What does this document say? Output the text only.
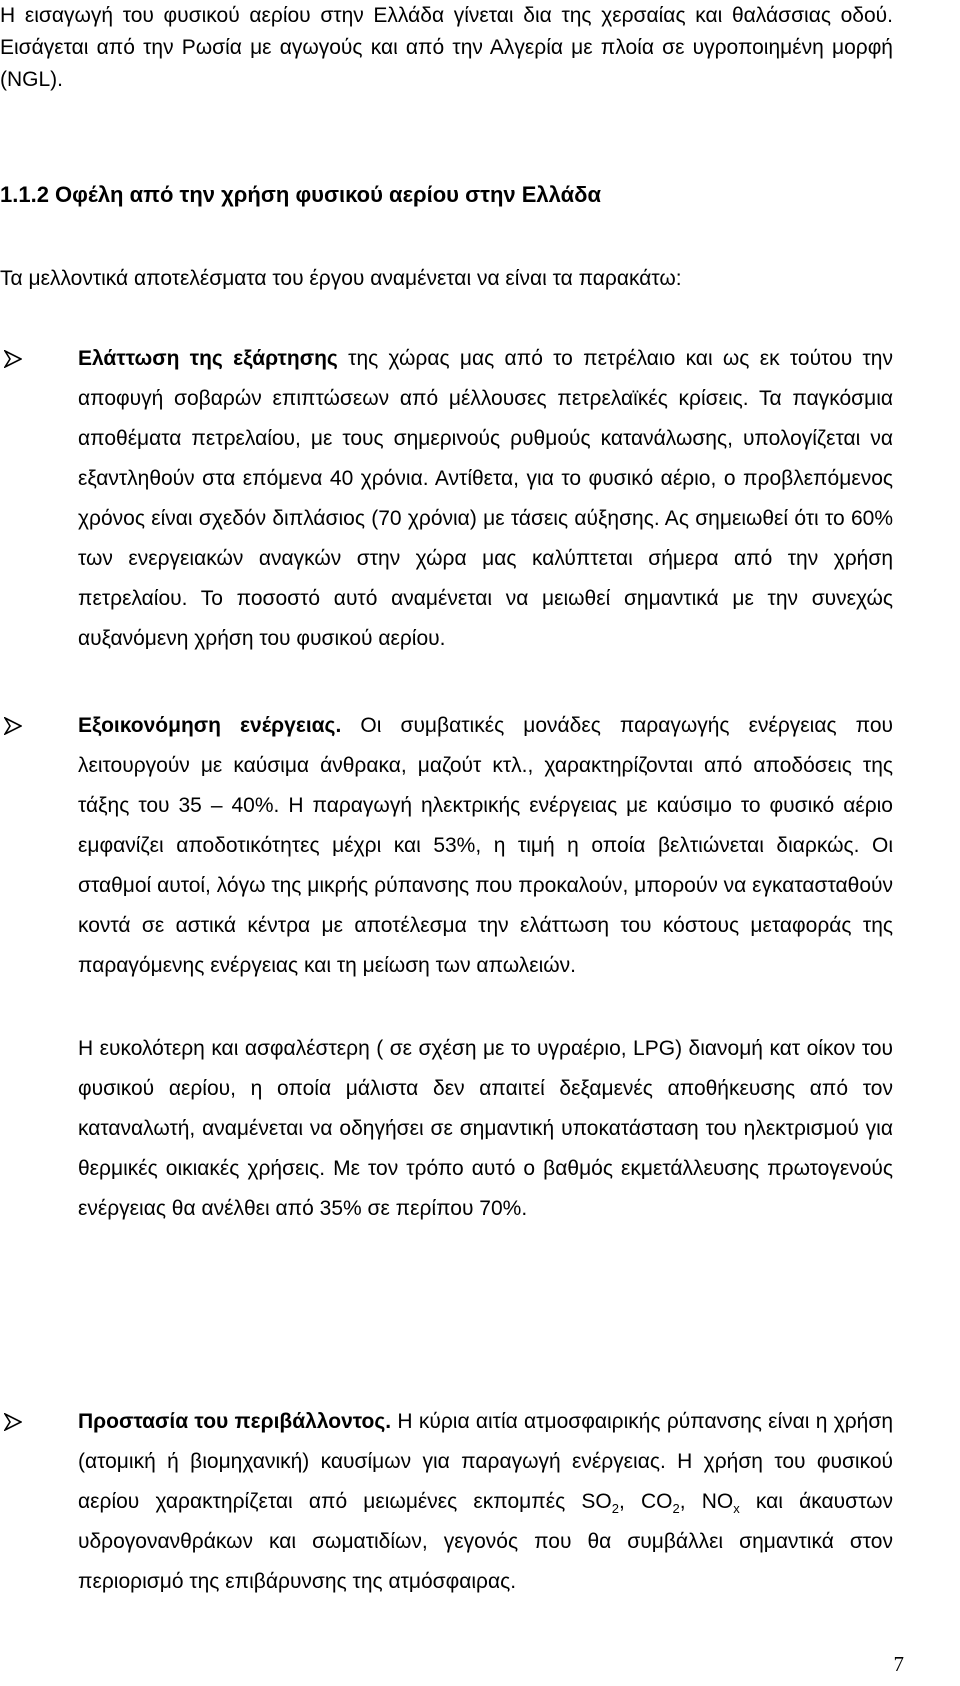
Η εισαγωγή του φυσικού αερίου στην Ελλάδα γίνεται δια της χερσαίας και θαλάσσιας οδού. Εισάγεται από την Ρωσία με αγωγούς και από την Αλγερία με πλοία σε υγροποιημένη μορφή (NGL).

1.1.2 Οφέλη από την χρήση φυσικού αερίου στην Ελλάδα

Τα μελλοντικά αποτελέσματα του έργου αναμένεται να είναι τα παρακάτω:

Ελάττωση της εξάρτησης της χώρας μας από το πετρέλαιο και ως εκ τούτου την αποφυγή σοβαρών επιπτώσεων από μέλλουσες πετρελαϊκές κρίσεις. Τα παγκόσμια αποθέματα πετρελαίου, με τους σημερινούς ρυθμούς κατανάλωσης, υπολογίζεται να εξαντληθούν στα επόμενα 40 χρόνια. Αντίθετα, για το φυσικό αέριο, ο προβλεπόμενος χρόνος είναι σχεδόν διπλάσιος (70 χρόνια) με τάσεις αύξησης. Ας σημειωθεί ότι το 60% των ενεργειακών αναγκών στην χώρα μας καλύπτεται σήμερα από την χρήση πετρελαίου. Το ποσοστό αυτό αναμένεται να μειωθεί σημαντικά με την συνεχώς αυξανόμενη χρήση του φυσικού αερίου.

Εξοικονόμηση ενέργειας. Οι συμβατικές μονάδες παραγωγής ενέργειας που λειτουργούν με καύσιμα άνθρακα, μαζούτ κτλ., χαρακτηρίζονται από αποδόσεις της τάξης του 35 – 40%. Η παραγωγή ηλεκτρικής ενέργειας με καύσιμο το φυσικό αέριο εμφανίζει αποδοτικότητες μέχρι και 53%, η τιμή η οποία βελτιώνεται διαρκώς. Οι σταθμοί αυτοί, λόγω της μικρής ρύπανσης που προκαλούν, μπορούν να εγκατασταθούν κοντά σε αστικά κέντρα με αποτέλεσμα την ελάττωση του κόστους μεταφοράς της παραγόμενης ενέργειας και τη μείωση των απωλειών.

Η ευκολότερη και ασφαλέστερη ( σε σχέση με το υγραέριο, LPG) διανομή κατ οίκον του φυσικού αερίου, η οποία μάλιστα δεν απαιτεί δεξαμενές αποθήκευσης από τον καταναλωτή, αναμένεται να οδηγήσει σε σημαντική υποκατάσταση του ηλεκτρισμού για θερμικές οικιακές χρήσεις. Με τον τρόπο αυτό ο βαθμός εκμετάλλευσης πρωτογενούς ενέργειας θα ανέλθει από 35% σε περίπου 70%.

Προστασία του περιβάλλοντος. Η κύρια αιτία ατμοσφαιρικής ρύπανσης είναι η χρήση (ατομική ή βιομηχανική) καυσίμων για παραγωγή ενέργειας. Η χρήση του φυσικού αερίου χαρακτηρίζεται από μειωμένες εκπομπές $SO_2$, $CO_2$, $NO_x$ και άκαυστων υδρογονανθράκων και σωματιδίων, γεγονός που θα συμβάλλει σημαντικά στον περιορισμό της επιβάρυνσης της ατμόσφαιρας.

7
